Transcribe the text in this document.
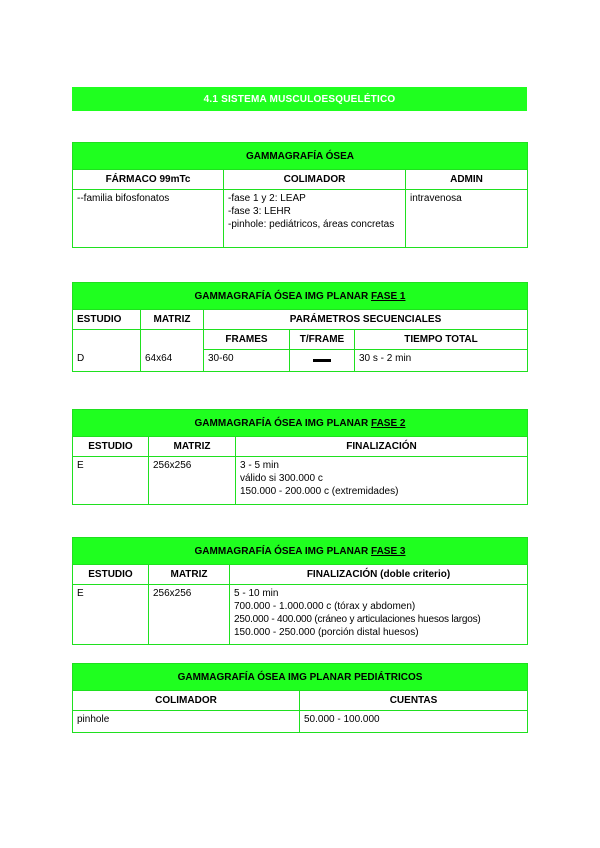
4.1 SISTEMA MUSCULOESQUELÉTICO
GAMMAGRAFÍA ÓSEA		
FÁRMACO 99mTc	COLIMADOR	ADMIN
--familia bifosfonatos	-fase 1 y 2: LEAP
-fase 3: LEHR
-pinhole: pediátricos, áreas concretas	intravenosa
GAMMAGRAFÍA ÓSEA IMG PLANAR FASE 1				
ESTUDIO	MATRIZ	PARÁMETROS SECUENCIALES		
		FRAMES	T/FRAME	TIEMPO TOTAL
D	64x64	30-60		30 s - 2 min
GAMMAGRAFÍA ÓSEA IMG PLANAR FASE 2		
ESTUDIO	MATRIZ	FINALIZACIÓN
E	256x256	3 - 5 min
válido si 300.000 c
150.000 - 200.000 c (extremidades)
GAMMAGRAFÍA ÓSEA IMG PLANAR FASE 3		
ESTUDIO	MATRIZ	FINALIZACIÓN (doble criterio)
E	256x256	5 - 10 min
700.000 - 1.000.000 c (tórax y abdomen)
250.000 - 400.000 (cráneo y articulaciones huesos largos)
150.000 - 250.000 (porción distal huesos)
GAMMAGRAFÍA ÓSEA IMG PLANAR PEDIÁTRICOS	
COLIMADOR	CUENTAS
pinhole	50.000 - 100.000
